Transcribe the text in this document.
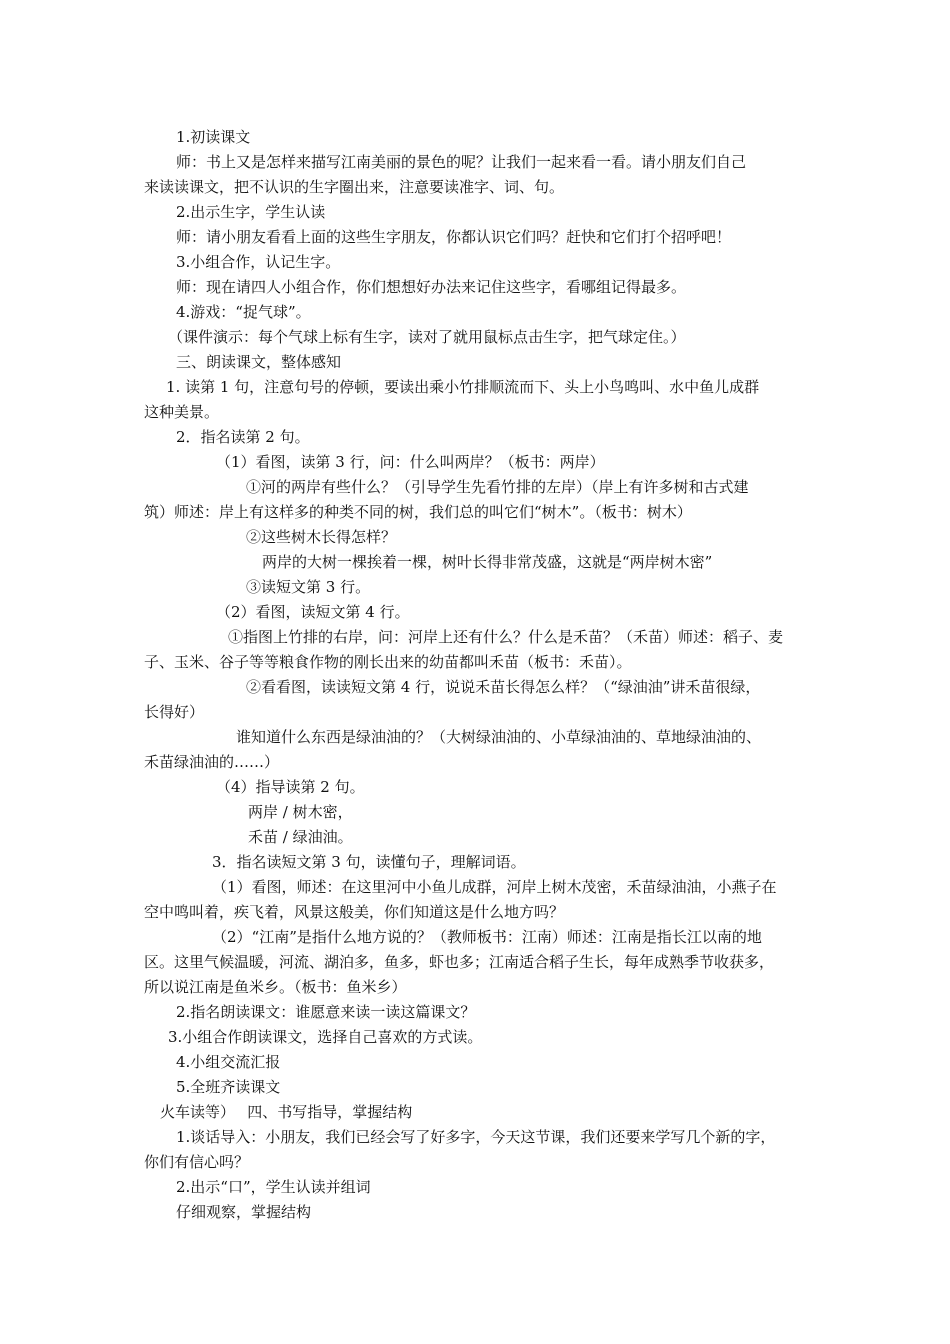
1.初读课文
师：书上又是怎样来描写江南美丽的景色的呢？让我们一起来看一看。请小朋友们自己
来读读课文，把不认识的生字圈出来，注意要读准字、词、句。
2.出示生字，学生认读
师：请小朋友看看上面的这些生字朋友，你都认识它们吗？赶快和它们打个招呼吧！
3.小组合作，认记生字。
师：现在请四人小组合作，你们想想好办法来记住这些字，看哪组记得最多。
4.游戏：“捉气球”。
（课件演示：每个气球上标有生字，读对了就用鼠标点击生字，把气球定住。）
三、朗读课文，整体感知
1. 读第 1 句，注意句号的停顿，要读出乘小竹排顺流而下、头上小鸟鸣叫、水中鱼儿成群
这种美景。
2．指名读第 2 句。
（1）看图，读第 3 行，问：什么叫两岸？（板书：两岸）
①河的两岸有些什么？（引导学生先看竹排的左岸）（岸上有许多树和古式建
筑）师述：岸上有这样多的种类不同的树，我们总的叫它们“树木”。（板书：树木）
②这些树木长得怎样？
两岸的大树一棵挨着一棵，树叶长得非常茂盛，这就是“两岸树木密”
③读短文第 3 行。
（2）看图，读短文第 4 行。
①指图上竹排的右岸，问：河岸上还有什么？什么是禾苗？（禾苗）师述：稻子、麦
子、玉米、谷子等等粮食作物的刚长出来的幼苗都叫禾苗（板书：禾苗）。
②看看图，读读短文第 4 行，说说禾苗长得怎么样？（“绿油油”讲禾苗很绿，
长得好）
谁知道什么东西是绿油油的？（大树绿油油的、小草绿油油的、草地绿油油的、
禾苗绿油油的……）
（4）指导读第 2 句。
两岸 / 树木密，
禾苗 / 绿油油。
3．指名读短文第 3 句，读懂句子，理解词语。
（1）看图，师述：在这里河中小鱼儿成群，河岸上树木茂密，禾苗绿油油，小燕子在
空中鸣叫着，疾飞着，风景这般美，你们知道这是什么地方吗？
（2）“江南”是指什么地方说的？（教师板书：江南）师述：江南是指长江以南的地
区。这里气候温暖，河流、湖泊多，鱼多，虾也多；江南适合稻子生长，每年成熟季节收获多，
所以说江南是鱼米乡。（板书：鱼米乡）
2.指名朗读课文：谁愿意来读一读这篇课文？
3.小组合作朗读课文，选择自己喜欢的方式读。
4.小组交流汇报
5.全班齐读课文
火车读等）　 四、书写指导，掌握结构
1.谈话导入：小朋友，我们已经会写了好多字，今天这节课，我们还要来学写几个新的字，
你们有信心吗？
2.出示“口”，学生认读并组词
仔细观察，掌握结构
